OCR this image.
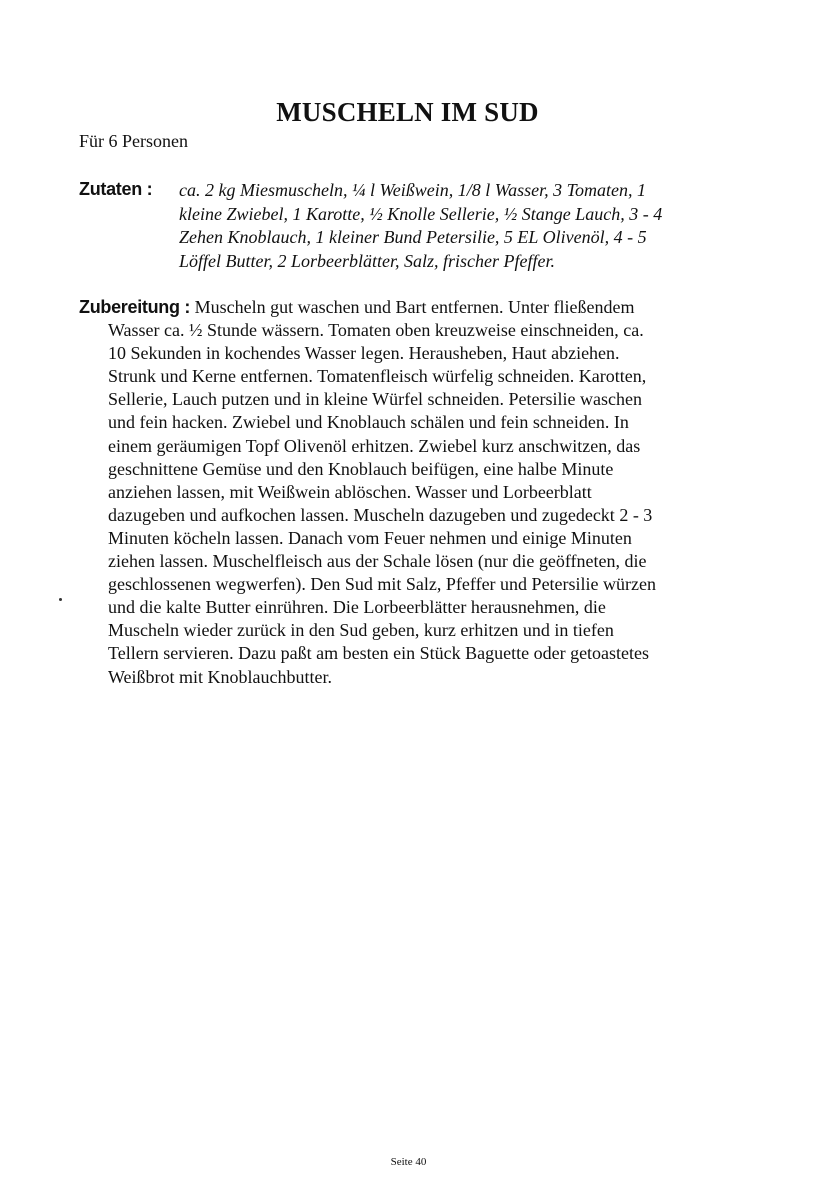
MUSCHELN IM SUD
Für 6 Personen
Zutaten : ca. 2 kg Miesmuscheln, ¼ l Weißwein, 1/8 l Wasser, 3 Tomaten, 1
kleine Zwiebel, 1 Karotte, ½ Knolle Sellerie, ½ Stange Lauch, 3 - 4
Zehen Knoblauch, 1 kleiner Bund Petersilie, 5 EL Olivenöl, 4 - 5
Löffel Butter, 2 Lorbeerblätter, Salz, frischer Pfeffer.
Zubereitung : Muscheln gut waschen und Bart entfernen. Unter fließendem
Wasser ca. ½ Stunde wässern. Tomaten oben kreuzweise einschneiden, ca.
10 Sekunden in kochendes Wasser legen. Herausheben, Haut abziehen.
Strunk und Kerne entfernen. Tomatenfleisch würfelig schneiden. Karotten,
Sellerie, Lauch putzen und in kleine Würfel schneiden. Petersilie waschen
und fein hacken. Zwiebel und Knoblauch schälen und fein schneiden. In
einem geräumigen Topf Olivenöl erhitzen. Zwiebel kurz anschwitzen, das
geschnittene Gemüse und den Knoblauch beifügen, eine halbe Minute
anziehen lassen, mit Weißwein ablöschen. Wasser und Lorbeerblatt
dazugeben und aufkochen lassen. Muscheln dazugeben und zugedeckt 2 - 3
Minuten köcheln lassen. Danach vom Feuer nehmen und einige Minuten
ziehen lassen. Muschelfleisch aus der Schale lösen (nur die geöffneten, die
geschlossenen wegwerfen). Den Sud mit Salz, Pfeffer und Petersilie würzen
und die kalte Butter einrühren. Die Lorbeerblätter herausnehmen, die
Muscheln wieder zurück in den Sud geben, kurz erhitzen und in tiefen
Tellern servieren. Dazu paßt am besten ein Stück Baguette oder getoastetes
Weißbrot mit Knoblauchbutter.
Seite 40
